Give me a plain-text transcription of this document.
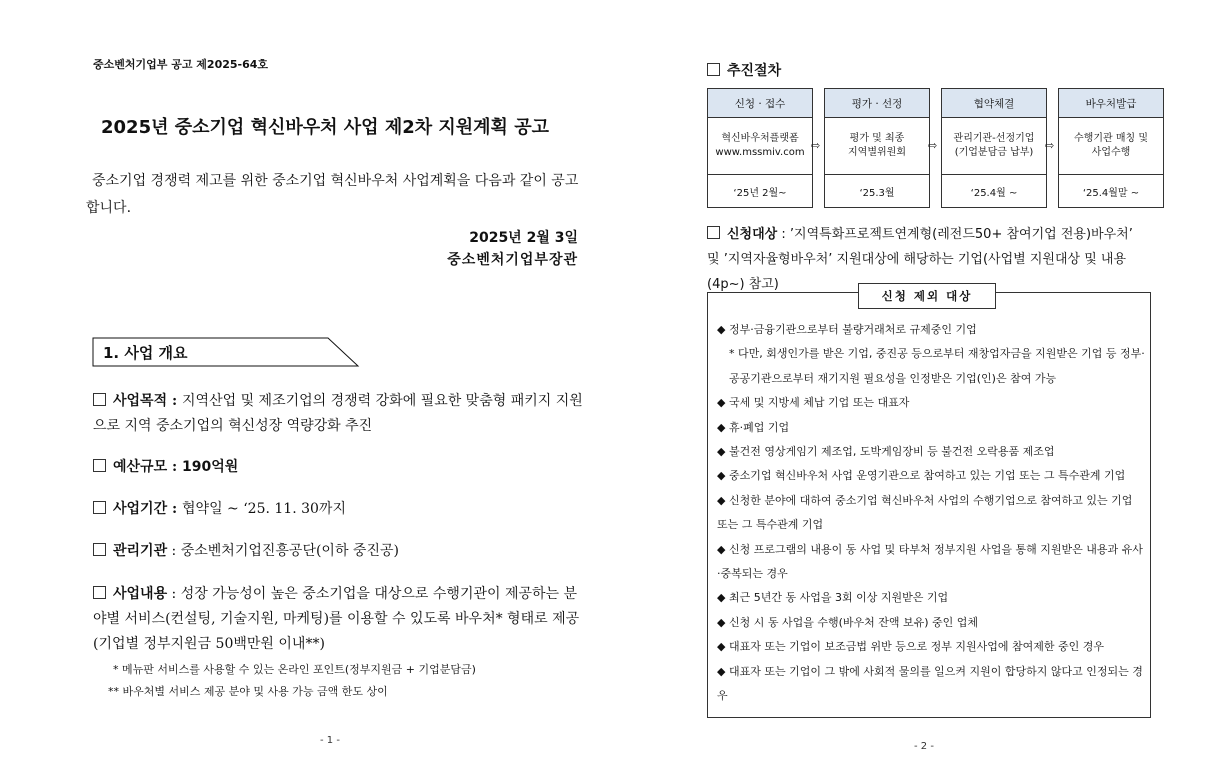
중소벤처기업부 공고 제2025-64호
2025년 중소기업 혁신바우처 사업 제2차 지원계획 공고
중소기업 경쟁력 제고를 위한 중소기업 혁신바우처 사업계획을 다음과 같이 공고합니다.
2025년 2월 3일
중소벤처기업부장관
1. 사업 개요
사업목적 : 지역산업 및 제조기업의 경쟁력 강화에 필요한 맞춤형 패키지 지원으로 지역 중소기업의 혁신성장 역량강화 추진
예산규모 : 190억원
사업기간 : 협약일 ~ ‘25. 11. 30까지
관리기관 : 중소벤처기업진흥공단(이하 중진공)
사업내용 : 성장 가능성이 높은 중소기업을 대상으로 수행기관이 제공하는 분야별 서비스(컨설팅, 기술지원, 마케팅)를 이용할 수 있도록 바우처* 형태로 제공(기업별 정부지원금 50백만원 이내**)
* 메뉴판 서비스를 사용할 수 있는 온라인 포인트(정부지원금 + 기업분담금)
** 바우처별 서비스 제공 분야 및 사용 가능 금액 한도 상이
- 1 -
추진절차
신청 · 접수
혁신바우처플랫폼
www.mssmiv.com
‘25년 2월~
⇨
평가 · 선정
평가 및 최종
지역별위원회
‘25.3월
⇨
협약체결
관리기관-선정기업
(기업분담금 납부)
‘25.4월 ~
⇨
바우처발급
수행기관 매칭 및
사업수행
‘25.4월말 ~
신청대상 : ’지역특화프로젝트연계형(레전드50+ 참여기업 전용)바우처’ 및 ’지역자율형바우처’ 지원대상에 해당하는 기업(사업별 지원대상 및 내용(4p~) 참고)
신청 제외 대상
◆ 정부·금융기관으로부터 불량거래처로 규제중인 기업
* 다만, 회생인가를 받은 기업, 중진공 등으로부터 재창업자금을 지원받은 기업 등 정부·공공기관으로부터 재기지원 필요성을 인정받은 기업(인)은 참여 가능
◆ 국세 및 지방세 체납 기업 또는 대표자
◆ 휴·폐업 기업
◆ 불건전 영상게임기 제조업, 도박게임장비 등 불건전 오락용품 제조업
◆ 중소기업 혁신바우처 사업 운영기관으로 참여하고 있는 기업 또는 그 특수관계 기업
◆ 신청한 분야에 대하여 중소기업 혁신바우처 사업의 수행기업으로 참여하고 있는 기업 또는 그 특수관계 기업
◆ 신청 프로그램의 내용이 동 사업 및 타부처 정부지원 사업을 통해 지원받은 내용과 유사·중복되는 경우
◆ 최근 5년간 동 사업을 3회 이상 지원받은 기업
◆ 신청 시 동 사업을 수행(바우처 잔액 보유) 중인 업체
◆ 대표자 또는 기업이 보조금법 위반 등으로 정부 지원사업에 참여제한 중인 경우
◆ 대표자 또는 기업이 그 밖에 사회적 물의를 일으켜 지원이 합당하지 않다고 인정되는 경우
- 2 -
